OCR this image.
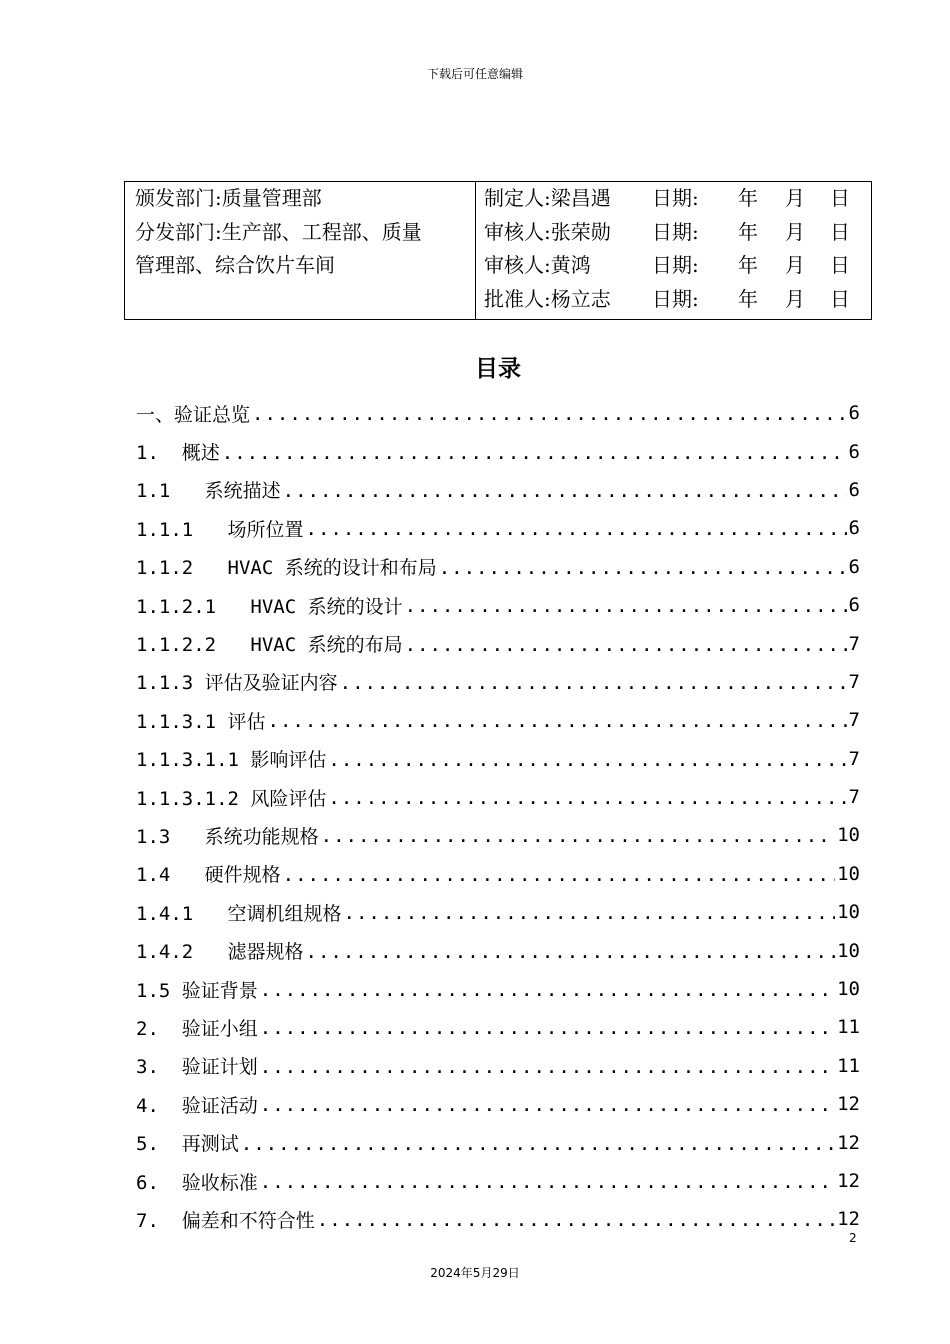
下载后可任意编辑
颁发部门:质量管理部
分发部门:生产部、工程部、质量
管理部、综合饮片车间
制定人:梁昌遇	日期:	年	月	日
审核人:张荣勋	日期:	年	月	日
审核人:黄鸿	日期:	年	月	日
批准人:杨立志	日期:	年	月	日
目录
一、验证总览 .....	6
1.  概述 .....	6
1.1   系统描述 .....	6
1.1.1   场所位置 .....	6
1.1.2   HVAC 系统的设计和布局 .....	6
1.1.2.1   HVAC 系统的设计 .....	6
1.1.2.2   HVAC 系统的布局 .....	7
1.1.3 评估及验证内容 .....	7
1.1.3.1 评估 .....	7
1.1.3.1.1 影响评估 .....	7
1.1.3.1.2 风险评估 .....	7
1.3   系统功能规格 .....	10
1.4   硬件规格 .....	10
1.4.1   空调机组规格 .....	10
1.4.2   滤器规格 .....	10
1.5 验证背景 .....	10
2.  验证小组 .....	11
3.  验证计划 .....	11
4.  验证活动 .....	12
5.  再测试 .....	12
6.  验收标准 .....	12
7.  偏差和不符合性 .....	12
2
2024年5月29日
